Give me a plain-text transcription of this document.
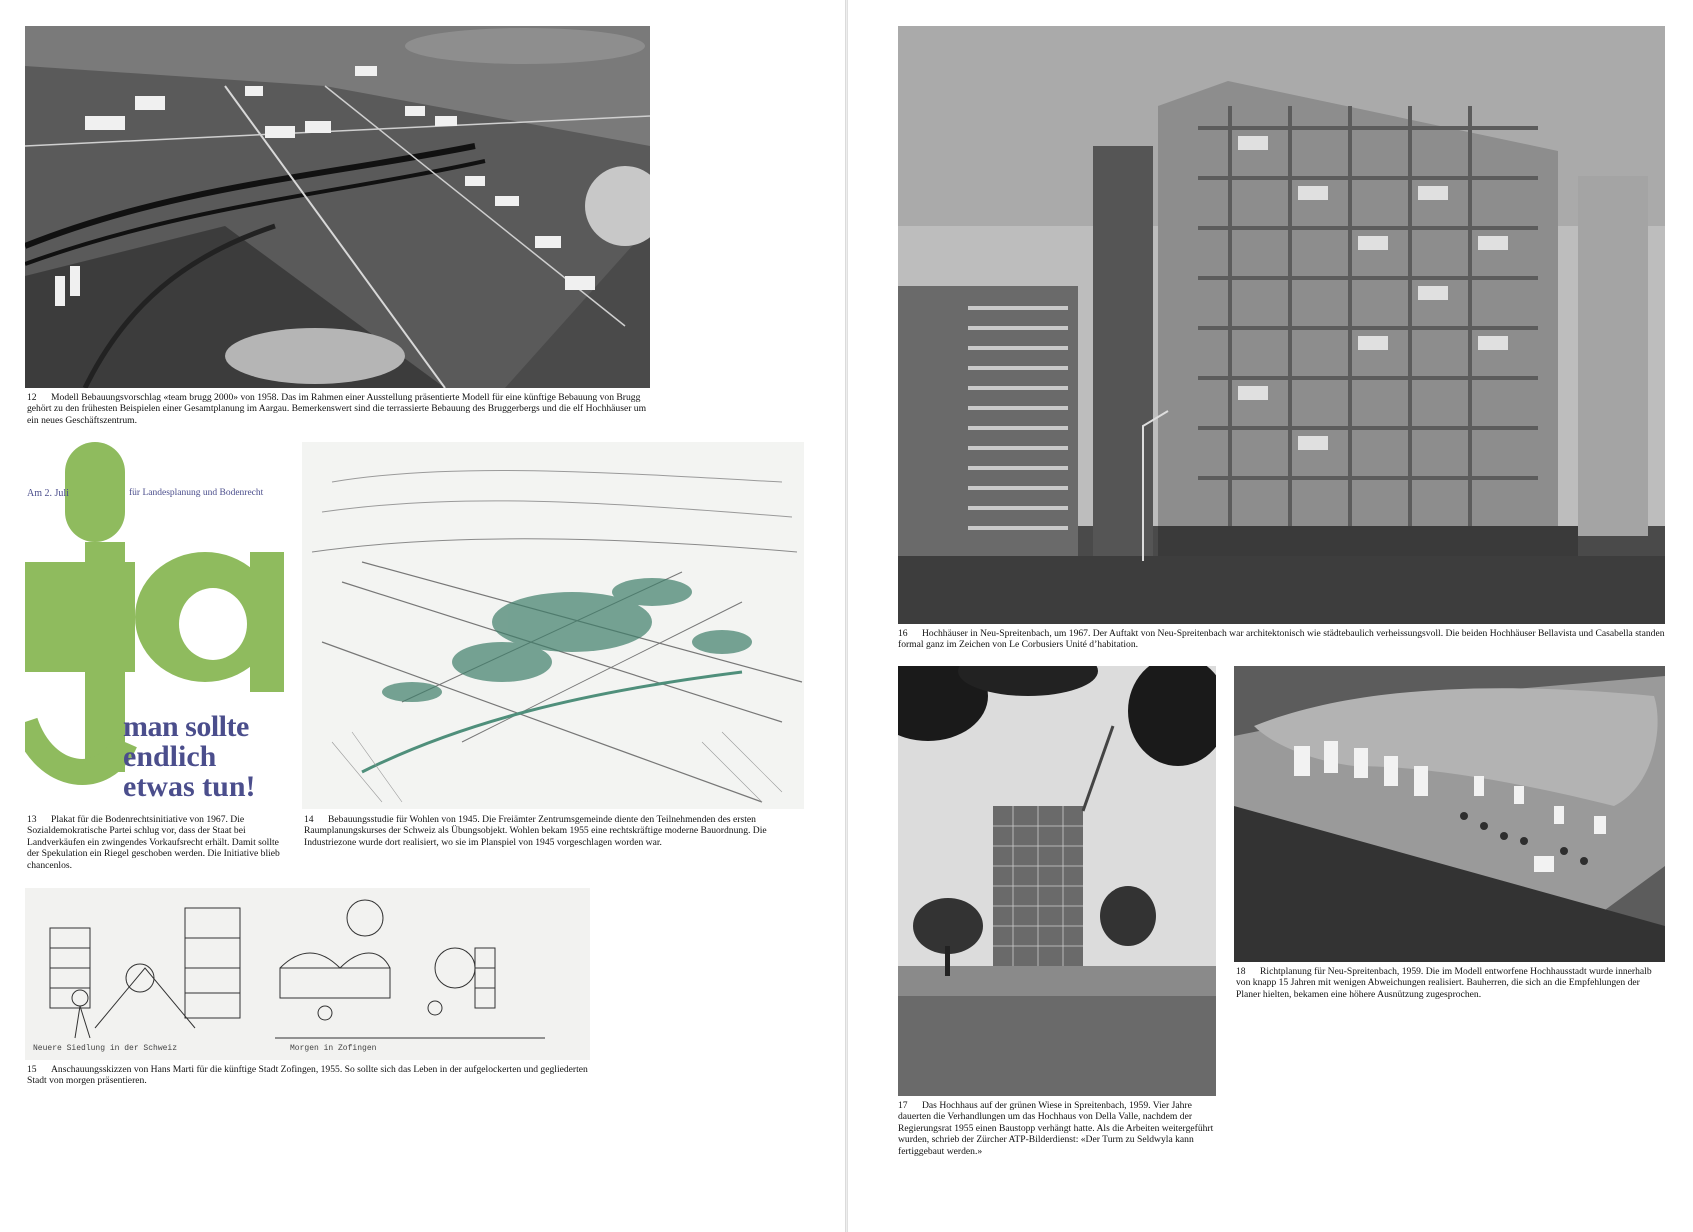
12 Modell Bebauungsvorschlag «team brugg 2000» von 1958. Das im Rahmen einer Ausstellung präsentierte Modell für eine künftige Bebauung von Brugg gehört zu den frühesten Beispielen einer Gesamtplanung im Aargau. Bemerkenswert sind die terrassierte Bebauung des Bruggerbergs und die elf Hochhäuser um ein neues Geschäftszentrum.
Am 2. Juli	für Landesplanung und Bodenrecht
man sollte
endlich
etwas tun!
13 Plakat für die Bodenrechtsinitiative von 1967. Die Sozialdemokratische Partei schlug vor, dass der Staat bei Landverkäufen ein zwingendes Vorkaufsrecht erhält. Damit sollte der Spekulation ein Riegel geschoben werden. Die Initiative blieb chancenlos.
14 Bebauungsstudie für Wohlen von 1945. Die Freiämter Zentrumsgemeinde diente den Teilnehmenden des ersten Raumplanungskurses der Schweiz als Übungsobjekt. Wohlen bekam 1955 eine rechtskräftige moderne Bauordnung. Die Industriezone wurde dort realisiert, wo sie im Planspiel von 1945 vorgeschlagen worden war.
Neuere Siedlung in der Schweiz	Morgen in Zofingen
15 Anschauungsskizzen von Hans Marti für die künftige Stadt Zofingen, 1955. So sollte sich das Leben in der aufgelockerten und gegliederten Stadt von morgen präsentieren.
16 Hochhäuser in Neu-Spreitenbach, um 1967. Der Auftakt von Neu-Spreitenbach war architektonisch wie städtebaulich verheissungsvoll. Die beiden Hochhäuser Bellavista und Casabella standen formal ganz im Zeichen von Le Corbusiers Unité d’habitation.
17 Das Hochhaus auf der grünen Wiese in Spreitenbach, 1959. Vier Jahre dauerten die Verhandlungen um das Hochhaus von Della Valle, nachdem der Regierungsrat 1955 einen Baustopp verhängt hatte. Als die Arbeiten weitergeführt wurden, schrieb der Zürcher ATP-Bilderdienst: «Der Turm zu Seldwyla kann fertiggebaut werden.»
18 Richtplanung für Neu-Spreitenbach, 1959. Die im Modell entworfene Hochhausstadt wurde innerhalb von knapp 15 Jahren mit wenigen Abweichungen realisiert. Bauherren, die sich an die Empfehlungen der Planer hielten, bekamen eine höhere Ausnützung zugesprochen.
